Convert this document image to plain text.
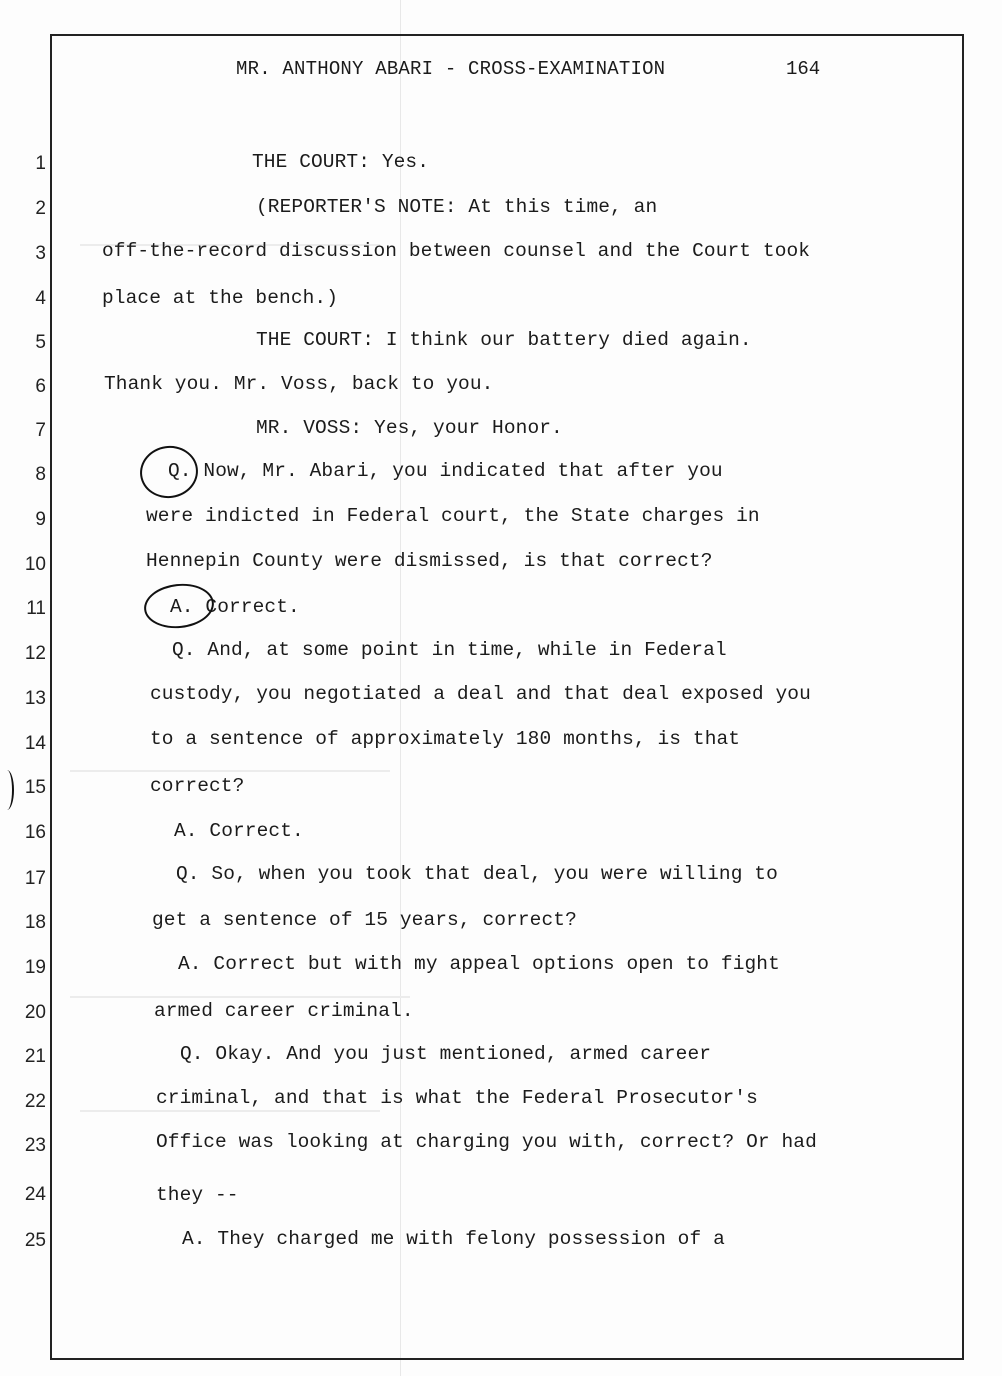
MR. ANTHONY ABARI - CROSS-EXAMINATION	164
1
2
3
4
5
6
7
8
9
10
11
12
13
14
15
16
17
18
19
20
21
22
23
24
25
THE COURT: Yes.
(REPORTER'S NOTE: At this time, an
off-the-record discussion between counsel and the Court took
place at the bench.)
THE COURT: I think our battery died again.
Thank you. Mr. Voss, back to you.
MR. VOSS: Yes, your Honor.
Q. Now, Mr. Abari, you indicated that after you
were indicted in Federal court, the State charges in
Hennepin County were dismissed, is that correct?
A. Correct.
Q. And, at some point in time, while in Federal
custody, you negotiated a deal and that deal exposed you
to a sentence of approximately 180 months, is that
correct?
A. Correct.
Q. So, when you took that deal, you were willing to
get a sentence of 15 years, correct?
A. Correct but with my appeal options open to fight
armed career criminal.
Q. Okay. And you just mentioned, armed career
criminal, and that is what the Federal Prosecutor's
Office was looking at charging you with, correct? Or had
they --
A. They charged me with felony possession of a
